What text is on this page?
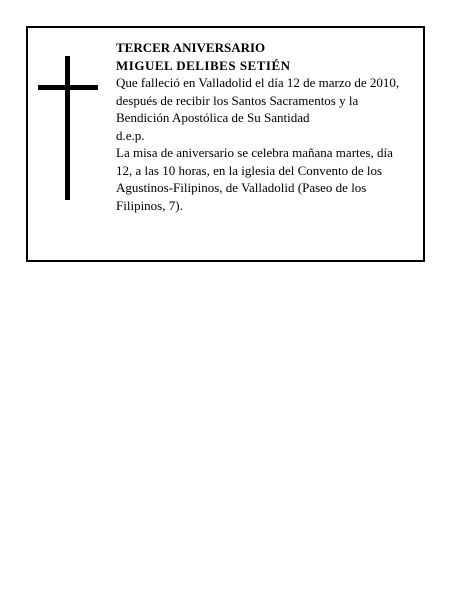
TERCER ANIVERSARIO
MIGUEL DELIBES SETIÉN
Que falleció en Valladolid el día 12 de marzo de 2010,
después de recibir los Santos Sacramentos y la
Bendición Apostólica de Su Santidad
d.e.p.
La misa de aniversario se celebra mañana martes, día
12, a las 10 horas, en la iglesia del Convento de los
Agustinos-Filipinos, de Valladolid (Paseo de los
Filipinos, 7).
